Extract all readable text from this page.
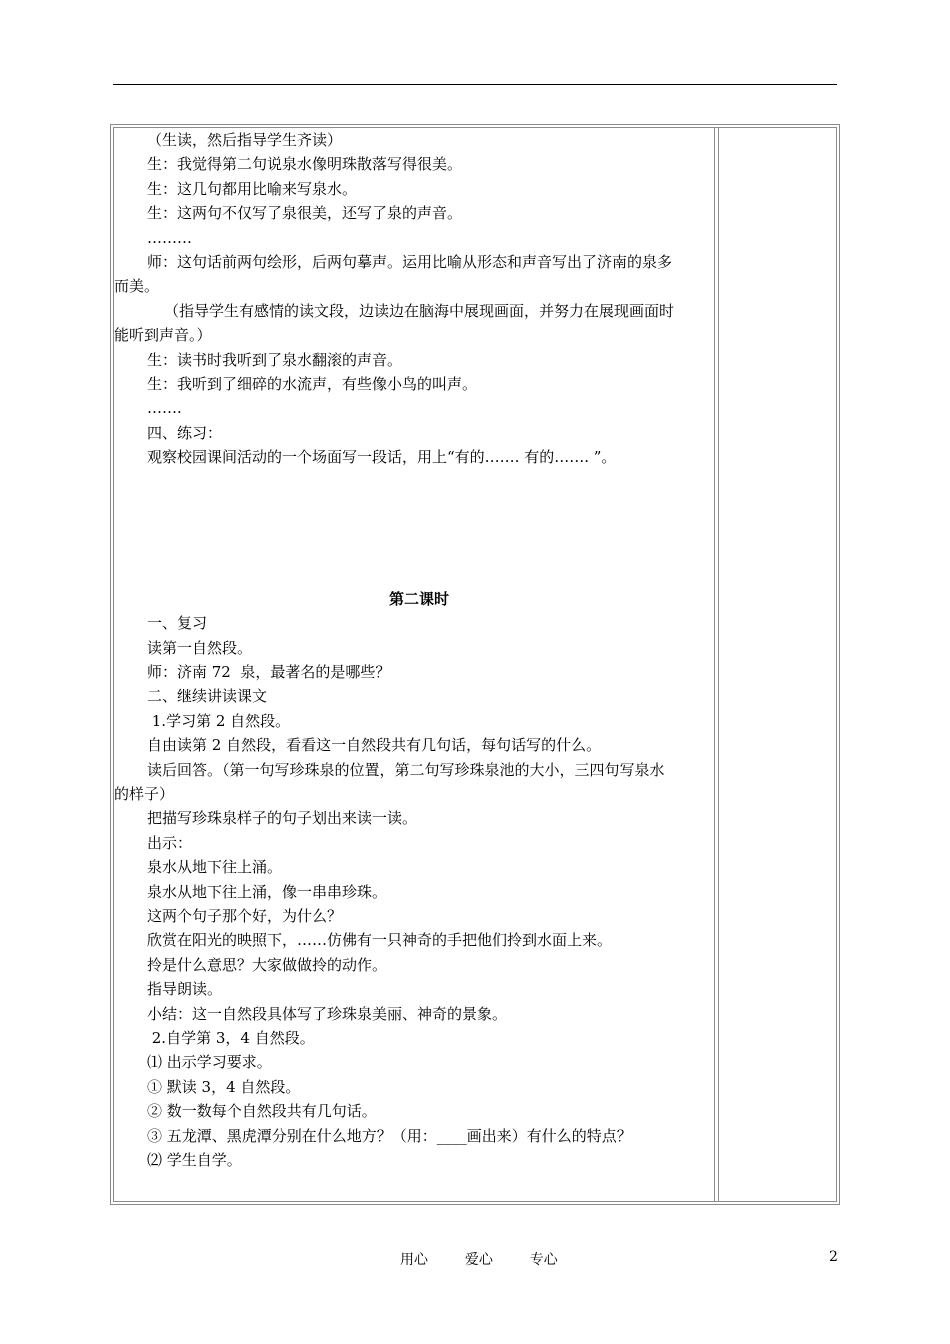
（生读，然后指导学生齐读）
生：我觉得第二句说泉水像明珠散落写得很美。
生：这几句都用比喻来写泉水。
生：这两句不仅写了泉很美，还写了泉的声音。
………
师：这句话前两句绘形，后两句摹声。运用比喻从形态和声音写出了济南的泉多
而美。
（指导学生有感情的读文段，边读边在脑海中展现画面，并努力在展现画面时
能听到声音。）
生：读书时我听到了泉水翻滚的声音。
生：我听到了细碎的水流声，有些像小鸟的叫声。
…….
四、练习：
观察校园课间活动的一个场面写一段话，用上“有的……. 有的……. ”。
第二课时
一、复习
读第一自然段。
师：济南 72  泉，最著名的是哪些？
二、继续讲读课文
1.学习第 2 自然段。
自由读第 2 自然段，看看这一自然段共有几句话，每句话写的什么。
读后回答。（第一句写珍珠泉的位置，第二句写珍珠泉池的大小，三四句写泉水
的样子）
把描写珍珠泉样子的句子划出来读一读。
出示：
泉水从地下往上涌。
泉水从地下往上涌，像一串串珍珠。
这两个句子那个好，为什么？
欣赏在阳光的映照下，……仿佛有一只神奇的手把他们拎到水面上来。
拎是什么意思？大家做做拎的动作。
指导朗读。
小结：这一自然段具体写了珍珠泉美丽、神奇的景象。
2.自学第 3，4 自然段。
⑴ 出示学习要求。
① 默读 3，4 自然段。
② 数一数每个自然段共有几句话。
③ 五龙潭、黑虎潭分别在什么地方？（用：____画出来）有什么的特点？
⑵ 学生自学。
用心  爱心  专心	2
